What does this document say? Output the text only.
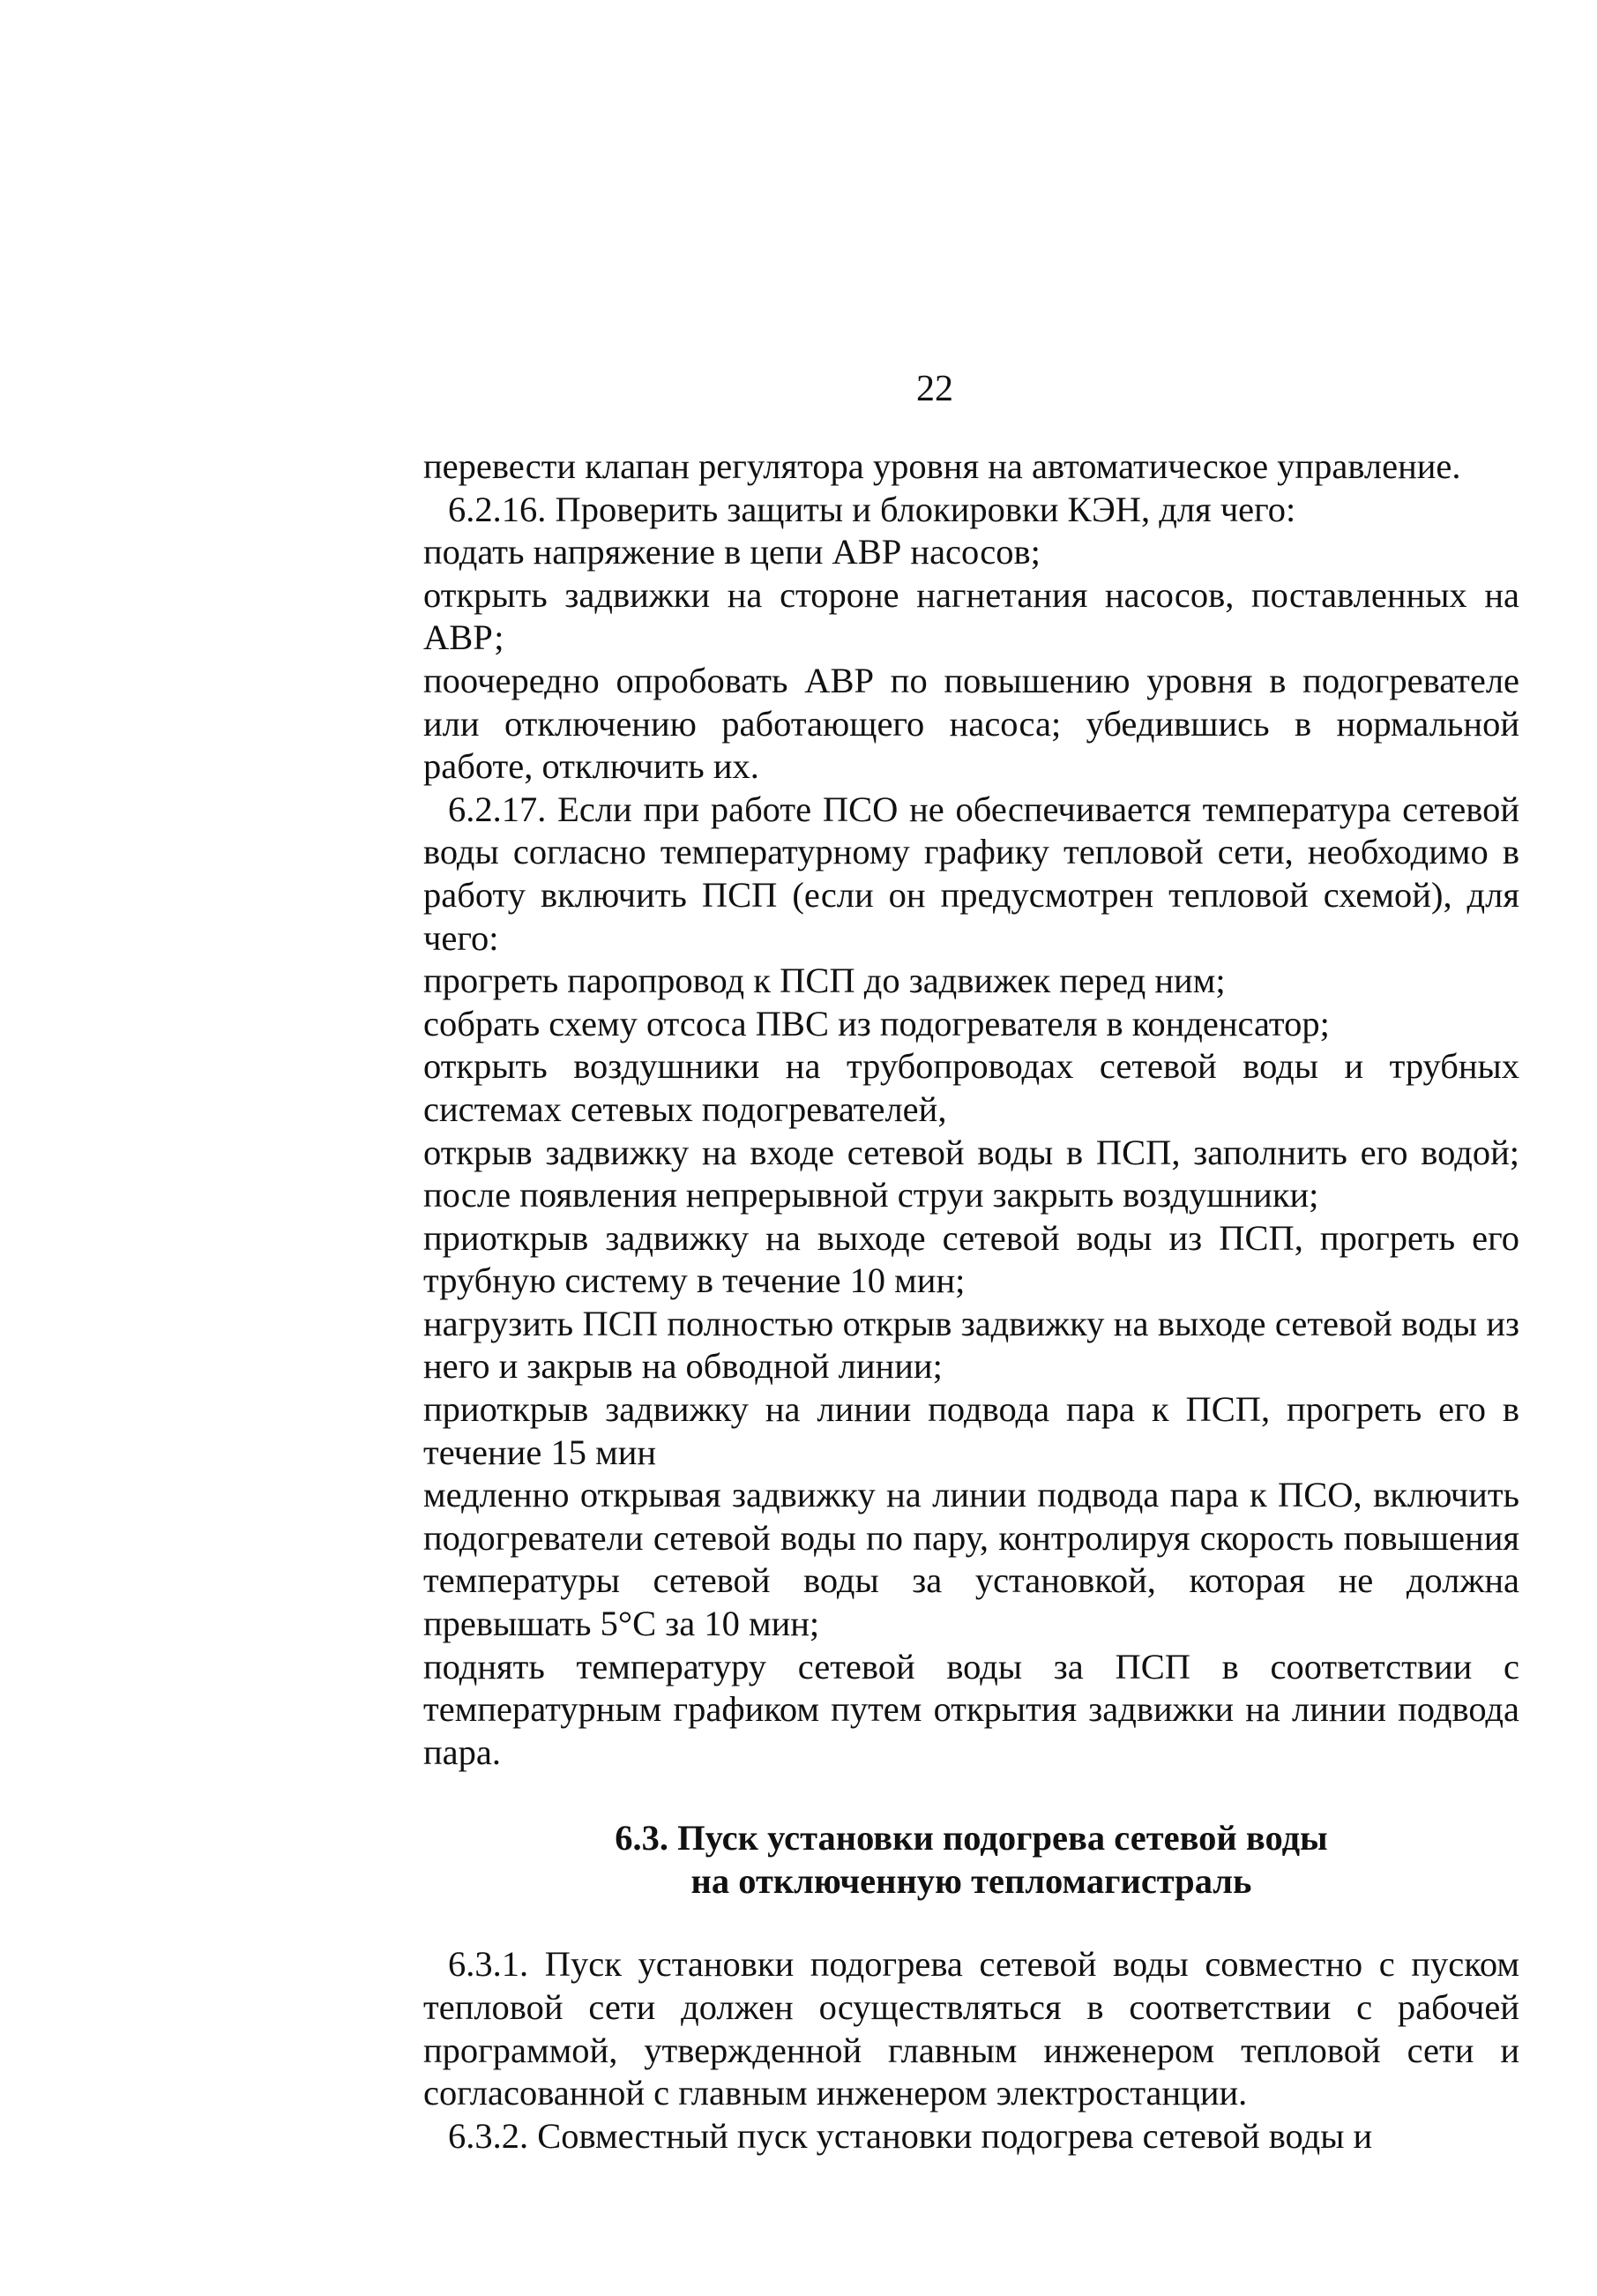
22

перевести клапан регулятора уровня на автоматическое управление.

6.2.16. Проверить защиты и блокировки КЭН, для чего:

подать напряжение в цепи АВР насосов;

открыть задвижки на стороне нагнетания насосов, поставленных на АВР;

поочередно опробовать АВР по повышению уровня в подогревателе или отключению работающего насоса; убедившись в нормальной работе, отключить их.

6.2.17. Если при работе ПСО не обеспечивается температура сетевой воды согласно температурному графику тепловой сети, необходимо в работу включить ПСП (если он предусмотрен тепловой схемой), для чего:

прогреть паропровод к ПСП до задвижек перед ним;

собрать схему отсоса ПВС из подогревателя в конденсатор;

открыть воздушники на трубопроводах сетевой воды и трубных системах сетевых подогревателей,

открыв задвижку на входе сетевой воды в ПСП, заполнить его водой; после появления непрерывной струи закрыть воздушники;

приоткрыв задвижку на выходе сетевой воды из ПСП, прогреть его трубную систему в течение 10 мин;

нагрузить ПСП полностью открыв задвижку на выходе сетевой воды из него и закрыв на обводной линии;

приоткрыв задвижку на линии подвода пара к ПСП, прогреть его в течение 15 мин

медленно открывая задвижку на линии подвода пара к ПСО, включить подогреватели сетевой воды по пару, контролируя скорость повышения температуры сетевой воды за установкой, которая не должна превышать 5°С за 10 мин;

поднять температуру сетевой воды за ПСП в соответствии с температурным графиком путем открытия задвижки на линии подвода пара.

6.3. Пуск установки подогрева сетевой воды
на отключенную тепломагистраль

6.3.1. Пуск установки подогрева сетевой воды совместно с пуском тепловой сети должен осуществляться в соответствии с рабочей программой, утвержденной главным инженером тепловой сети и согласованной с главным инженером электростанции.

6.3.2. Совместный пуск установки подогрева сетевой воды и
